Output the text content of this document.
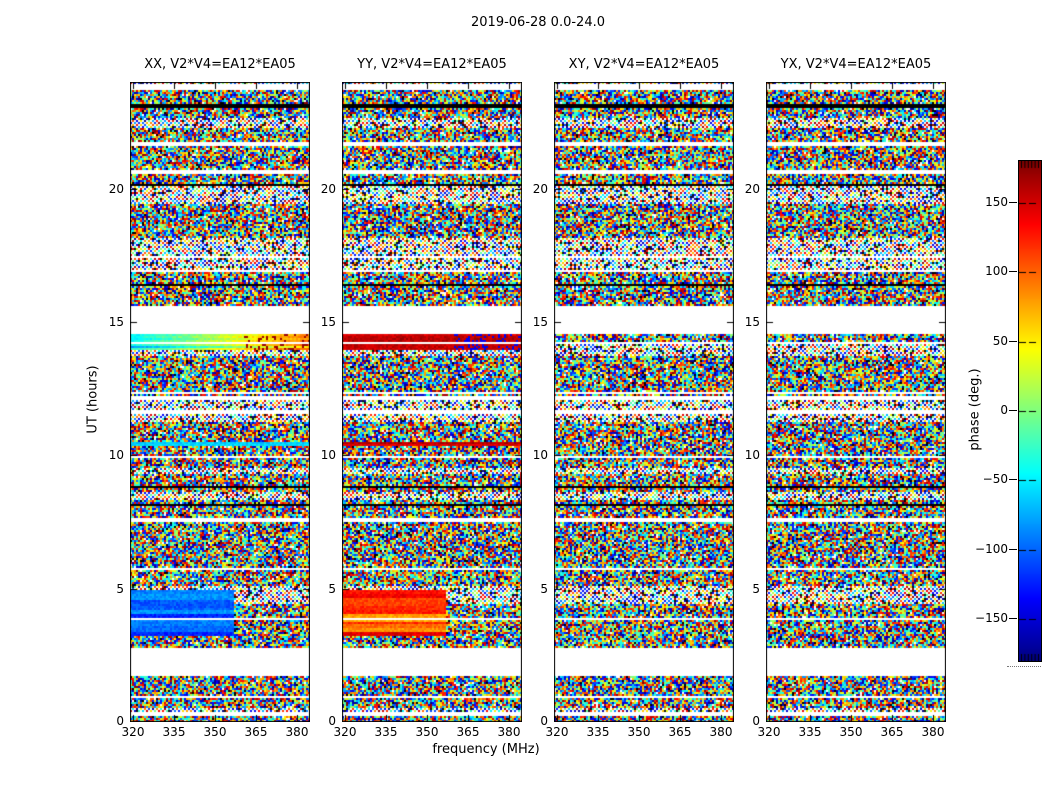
2019-06-28 0.0-24.0
UT (hours)
frequency (MHz)
phase (deg.)
XX, V2*V4=EA12*EA05
320	335	350	365	380
0
5
10
15
20
YY, V2*V4=EA12*EA05
320	335	350	365	380
0
5
10
15
20
XY, V2*V4=EA12*EA05
320	335	350	365	380
0
5
10
15
20
YX, V2*V4=EA12*EA05
320	335	350	365	380
0
5
10
15
20
150
100
50
0
−50
−100
−150
